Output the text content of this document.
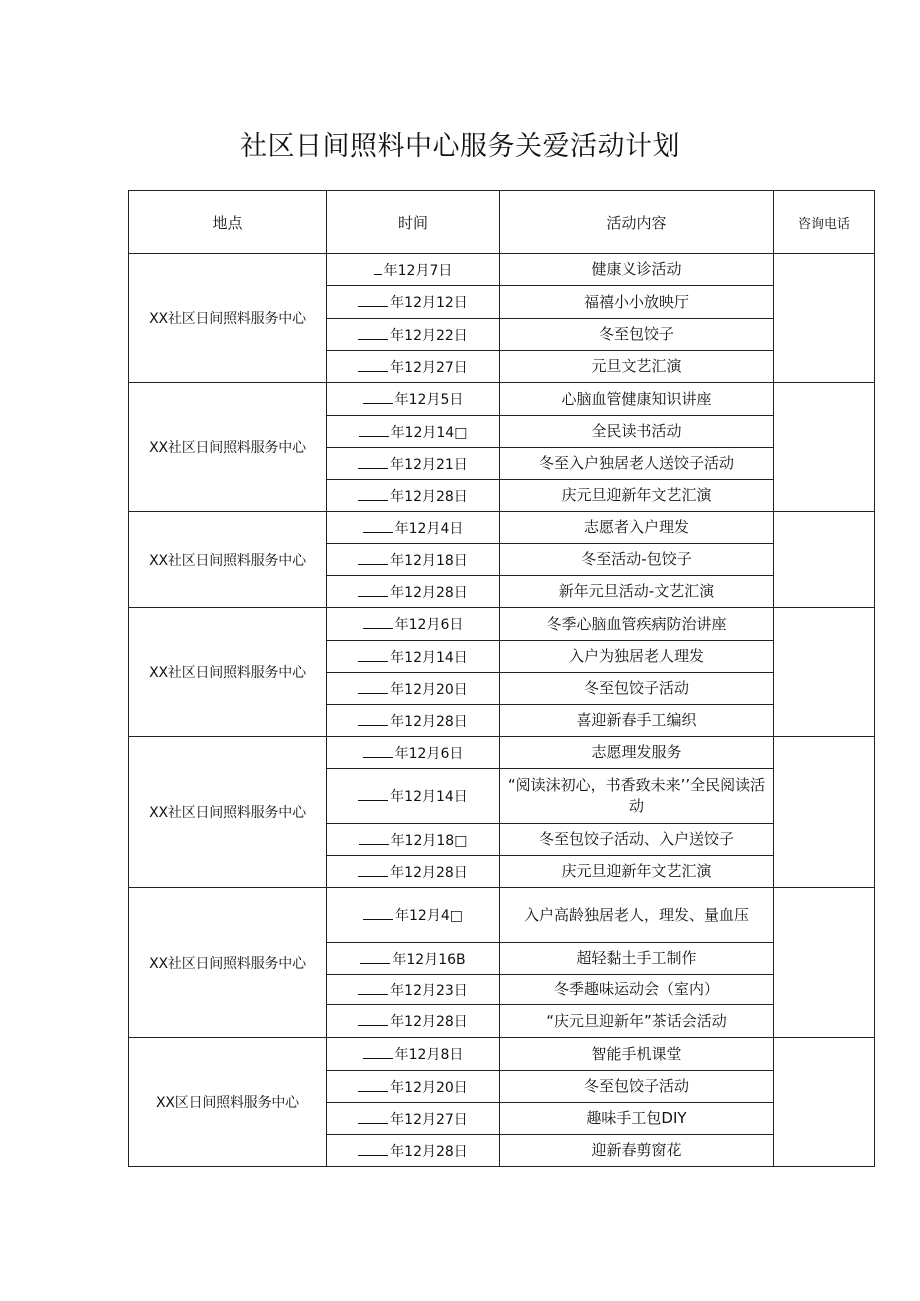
社区日间照料中心服务关爱活动计划
地点	时间	活动内容	咨询电话
XX社区日间照料服务中心	年12月7日	健康义诊活动	
	年12月12日	福禧小小放映厅	
	年12月22日	冬至包饺子	
	年12月27日	元旦文艺汇演	
XX社区日间照料服务中心	年12月5日	心脑血管健康知识讲座	
	年12月14□	全民读书活动	
	年12月21日	冬至入户独居老人送饺子活动	
	年12月28日	庆元旦迎新年文艺汇演	
XX社区日间照料服务中心	年12月4日	志愿者入户理发	
	年12月18日	冬至活动-包饺子	
	年12月28日	新年元旦活动-文艺汇演	
XX社区日间照料服务中心	年12月6日	冬季心脑血管疾病防治讲座	
	年12月14日	入户为独居老人理发	
	年12月20日	冬至包饺子活动	
	年12月28日	喜迎新春手工编织	
XX社区日间照料服务中心	年12月6日	志愿理发服务	
	年12月14日	“阅读沫初心，书香致未来’’全民阅读活动	
	年12月18□	冬至包饺子活动、入户送饺子	
	年12月28日	庆元旦迎新年文艺汇演	
XX社区日间照料服务中心	年12月4□	入户高龄独居老人，理发、量血压	
	年12月16B	超轻黏土手工制作	
	年12月23日	冬季趣味运动会（室内）	
	年12月28日	“庆元旦迎新年”茶话会活动	
XX区日间照料服务中心	年12月8日	智能手机课堂	
	年12月20日	冬至包饺子活动	
	年12月27日	趣味手工包DIY	
	年12月28日	迎新春剪窗花	
